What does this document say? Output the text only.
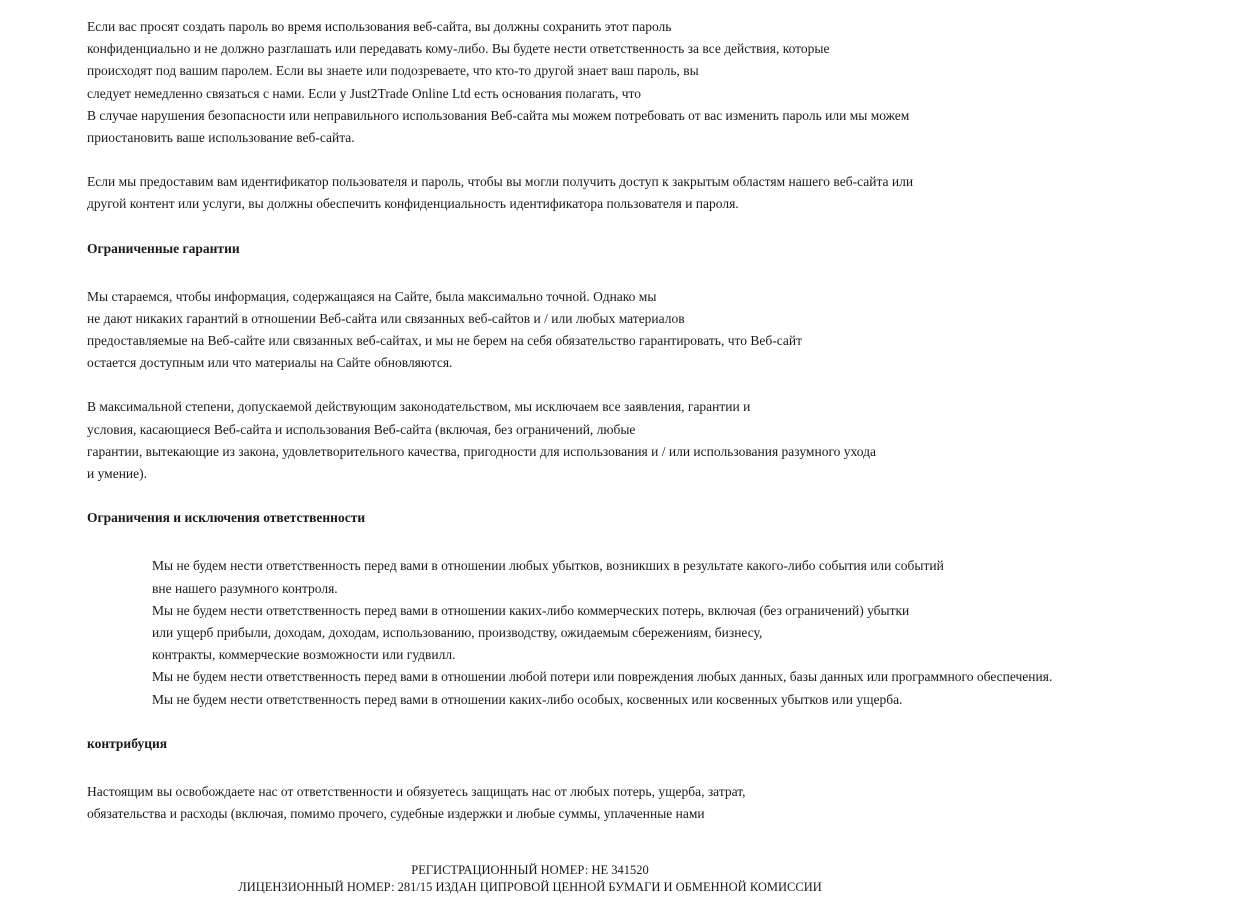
Если вас просят создать пароль во время использования веб-сайта, вы должны сохранить этот пароль
конфиденциально и не должно разглашать или передавать кому-либо. Вы будете нести ответственность за все действия, которые
происходят под вашим паролем. Если вы знаете или подозреваете, что кто-то другой знает ваш пароль, вы
следует немедленно связаться с нами. Если у Just2Trade Online Ltd есть основания полагать, что
В случае нарушения безопасности или неправильного использования Веб-сайта мы можем потребовать от вас изменить пароль или мы можем
приостановить ваше использование веб-сайта.
Если мы предоставим вам идентификатор пользователя и пароль, чтобы вы могли получить доступ к закрытым областям нашего веб-сайта или
другой контент или услуги, вы должны обеспечить конфиденциальность идентификатора пользователя и пароля.
Ограниченные гарантии
Мы стараемся, чтобы информация, содержащаяся на Сайте, была максимально точной. Однако мы
не дают никаких гарантий в отношении Веб-сайта или связанных веб-сайтов и / или любых материалов
предоставляемые на Веб-сайте или связанных веб-сайтах, и мы не берем на себя обязательство гарантировать, что Веб-сайт
остается доступным или что материалы на Сайте обновляются.
В максимальной степени, допускаемой действующим законодательством, мы исключаем все заявления, гарантии и
условия, касающиеся Веб-сайта и использования Веб-сайта (включая, без ограничений, любые
гарантии, вытекающие из закона, удовлетворительного качества, пригодности для использования и / или использования разумного ухода
и умение).
Ограничения и исключения ответственности
Мы не будем нести ответственность перед вами в отношении любых убытков, возникших в результате какого-либо события или событий
вне нашего разумного контроля.
Мы не будем нести ответственность перед вами в отношении каких-либо коммерческих потерь, включая (без ограничений) убытки
или ущерб прибыли, доходам, доходам, использованию, производству, ожидаемым сбережениям, бизнесу,
контракты, коммерческие возможности или гудвилл.
Мы не будем нести ответственность перед вами в отношении любой потери или повреждения любых данных, базы данных или программного обеспечения.
Мы не будем нести ответственность перед вами в отношении каких-либо особых, косвенных или косвенных убытков или ущерба.
контрибуция
Настоящим вы освобождаете нас от ответственности и обязуетесь защищать нас от любых потерь, ущерба, затрат,
обязательства и расходы (включая, помимо прочего, судебные издержки и любые суммы, уплаченные нами
РЕГИСТРАЦИОННЫЙ НОМЕР: HE 341520
ЛИЦЕНЗИОННЫЙ НОМЕР: 281/15 ИЗДАН ЦИПРОВОЙ ЦЕННОЙ БУМАГИ И ОБМЕННОЙ КОМИССИИ
